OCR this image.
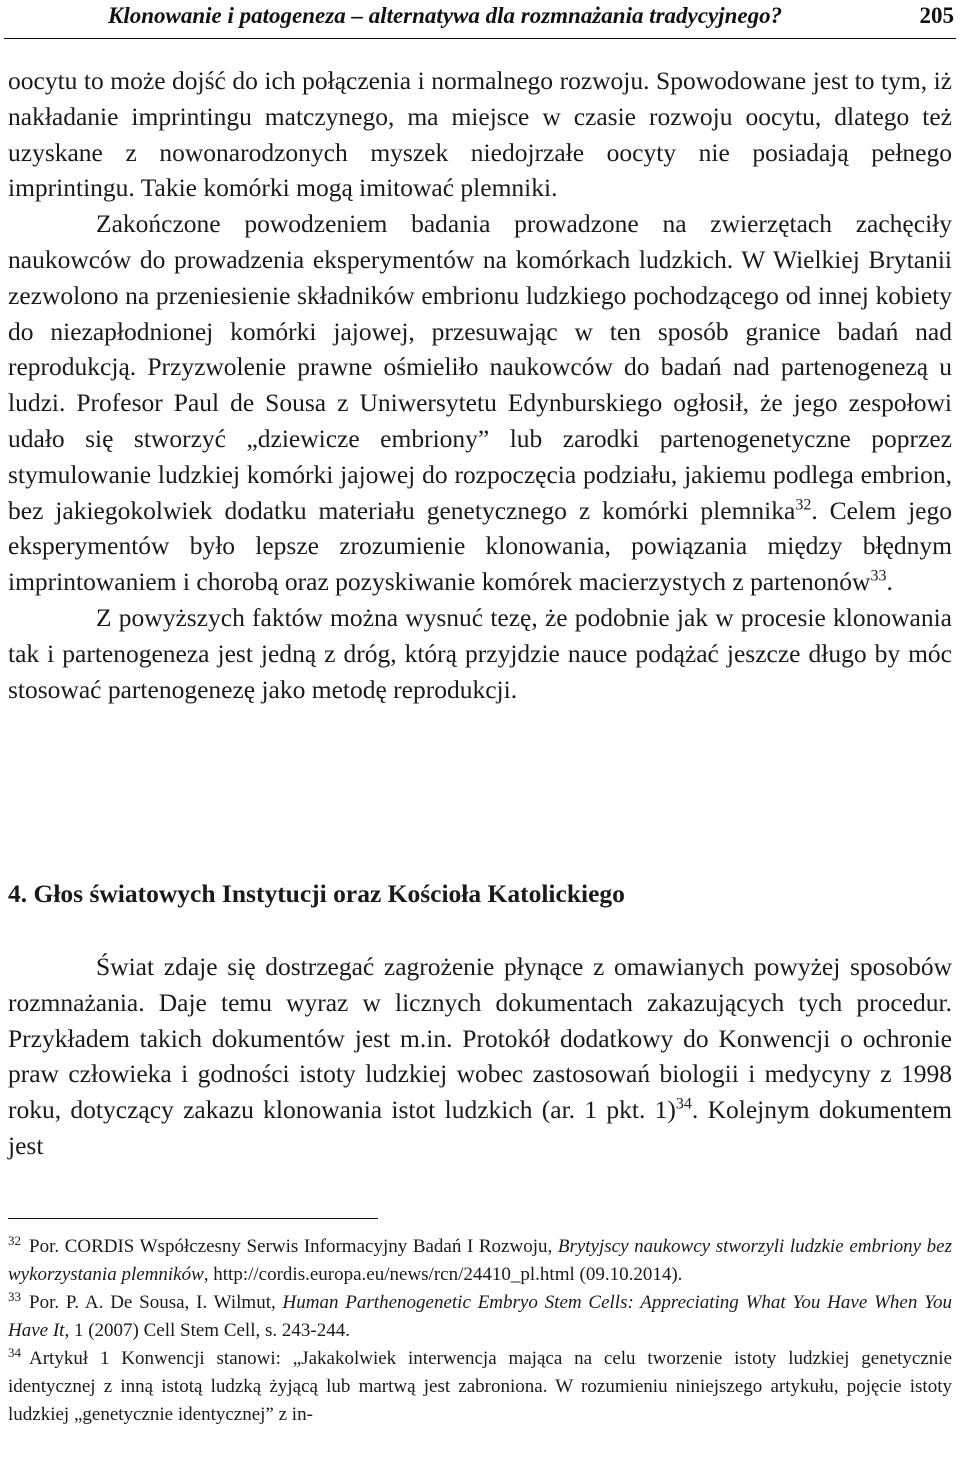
Klonowanie i patogeneza – alternatywa dla rozmnażania tradycyjnego?	205

oocytu to może dojść do ich połączenia i normalnego rozwoju. Spowodowane jest to tym, iż nakładanie imprintingu matczynego, ma miejsce w czasie rozwoju oocytu, dlatego też uzyskane z nowonarodzonych myszek niedojrzałe oocyty nie posiadają pełnego imprintingu. Takie komórki mogą imitować plemniki.

Zakończone powodzeniem badania prowadzone na zwierzętach zachęciły naukowców do prowadzenia eksperymentów na komórkach ludzkich. W Wielkiej Brytanii zezwolono na przeniesienie składników embrionu ludzkiego pochodzącego od innej kobiety do niezapłodnionej komórki jajowej, przesuwając w ten sposób granice badań nad reprodukcją. Przyzwolenie prawne ośmieliło naukowców do badań nad partenogenezą u ludzi. Profesor Paul de Sousa z Uniwersytetu Edynburskiego ogłosił, że jego zespołowi udało się stworzyć „dziewicze embriony” lub zarodki partenogenetyczne poprzez stymulowanie ludzkiej komórki jajowej do rozpoczęcia podziału, jakiemu podlega embrion, bez jakiegokolwiek dodatku materiału genetycznego z komórki plemnika$^{32}$. Celem jego eksperymentów było lepsze zrozumienie klonowania, powiązania między błędnym imprintowaniem i chorobą oraz pozyskiwanie komórek macierzystych z partenonów$^{33}$.

Z powyższych faktów można wysnuć tezę, że podobnie jak w procesie klonowania tak i partenogeneza jest jedną z dróg, którą przyjdzie nauce podążać jeszcze długo by móc stosować partenogenezę jako metodę reprodukcji.

4. Głos światowych Instytucji oraz Kościoła Katolickiego

Świat zdaje się dostrzegać zagrożenie płynące z omawianych powyżej sposobów rozmnażania. Daje temu wyraz w licznych dokumentach zakazujących tych procedur. Przykładem takich dokumentów jest m.in. Protokół dodatkowy do Konwencji o ochronie praw człowieka i godności istoty ludzkiej wobec zastosowań biologii i medycyny z 1998 roku, dotyczący zakazu klonowania istot ludzkich (ar. 1 pkt. 1)$^{34}$. Kolejnym dokumentem jest

$^{32}$ Por. CORDIS Współczesny Serwis Informacyjny Badań I Rozwoju, Brytyjscy naukowcy stworzyli ludzkie embriony bez wykorzystania plemników, http://cordis.europa.eu/news/rcn/24410_pl.html (09.10.2014).

$^{33}$ Por. P. A. De Sousa, I. Wilmut, Human Parthenogenetic Embryo Stem Cells: Appreciating What You Have When You Have It, 1 (2007) Cell Stem Cell, s. 243-244.

$^{34}$ Artykuł 1 Konwencji stanowi: „Jakakolwiek interwencja mająca na celu tworzenie istoty ludzkiej genetycznie identycznej z inną istotą ludzką żyjącą lub martwą jest zabroniona. W rozumieniu niniejszego artykułu, pojęcie istoty ludzkiej „genetycznie identycznej” z in-
